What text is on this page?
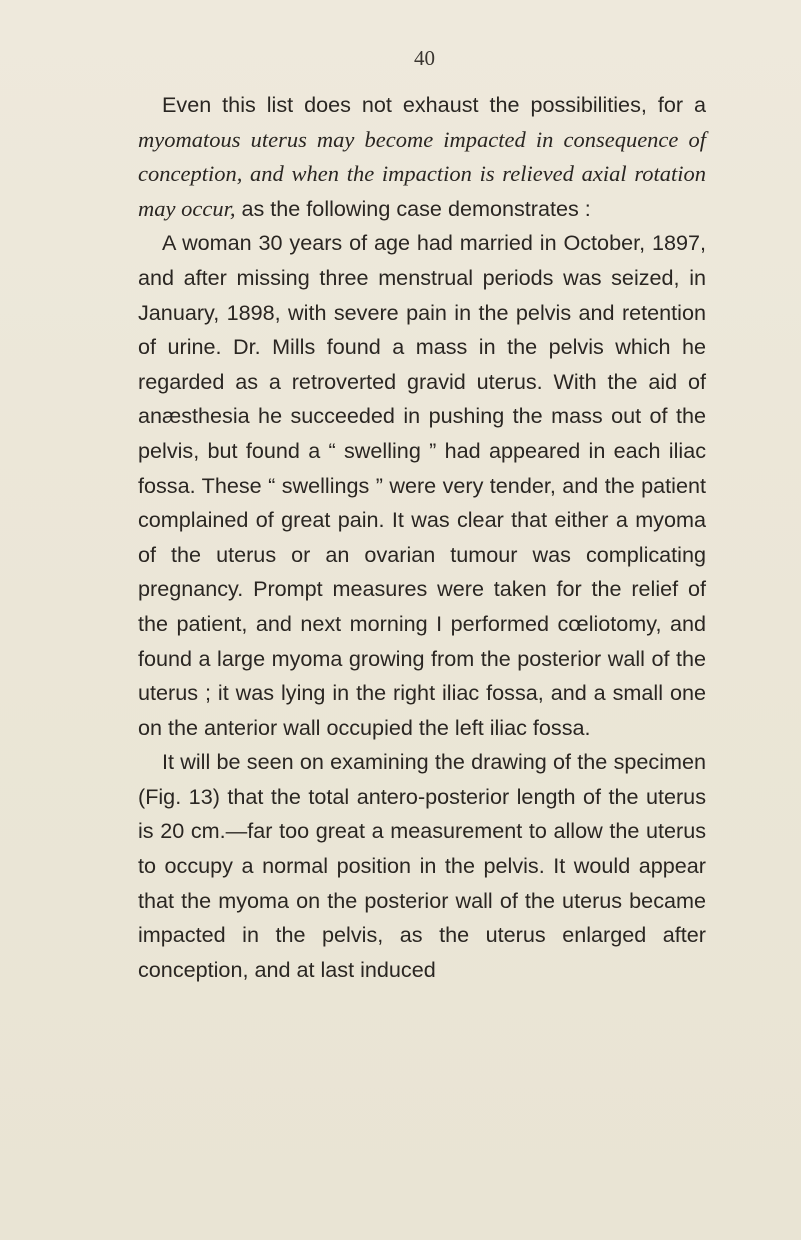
40

Even this list does not exhaust the possibilities, for a myomatous uterus may become impacted in consequence of conception, and when the impaction is relieved axial rotation may occur, as the following case demonstrates :

A woman 30 years of age had married in October, 1897, and after missing three menstrual periods was seized, in January, 1898, with severe pain in the pelvis and retention of urine. Dr. Mills found a mass in the pelvis which he regarded as a retroverted gravid uterus. With the aid of anæsthesia he succeeded in pushing the mass out of the pelvis, but found a “ swelling ” had appeared in each iliac fossa. These “ swellings ” were very tender, and the patient complained of great pain. It was clear that either a myoma of the uterus or an ovarian tumour was complicating pregnancy. Prompt measures were taken for the relief of the patient, and next morning I performed cœliotomy, and found a large myoma growing from the posterior wall of the uterus ; it was lying in the right iliac fossa, and a small one on the anterior wall occupied the left iliac fossa.

It will be seen on examining the drawing of the specimen (Fig. 13) that the total antero-posterior length of the uterus is 20 cm.—far too great a measurement to allow the uterus to occupy a normal position in the pelvis. It would appear that the myoma on the posterior wall of the uterus became impacted in the pelvis, as the uterus enlarged after conception, and at last induced
